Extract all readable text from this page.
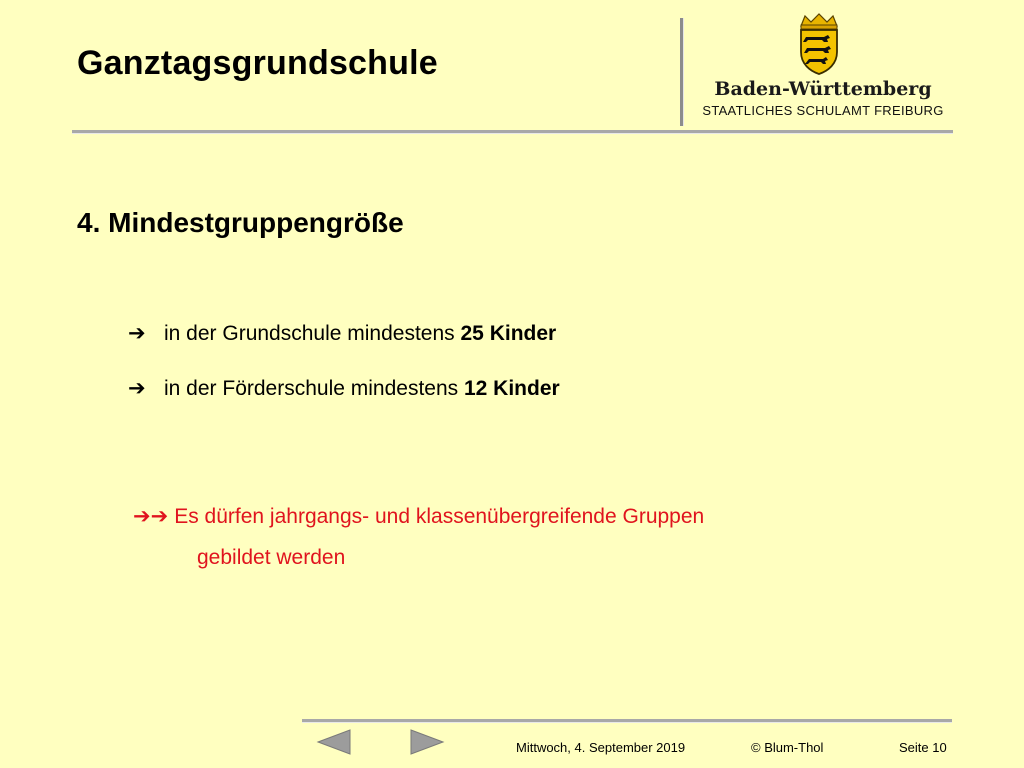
Ganztagsgrundschule
Baden-Württemberg
STAATLICHES SCHULAMT FREIBURG
4. Mindestgruppengröße
➔ in der Grundschule mindestens 25 Kinder
➔ in der Förderschule mindestens 12 Kinder
➔➔ Es dürfen jahrgangs- und klassenübergreifende Gruppen
gebildet werden
Mittwoch, 4. September 2019	© Blum-Thol	Seite 10
